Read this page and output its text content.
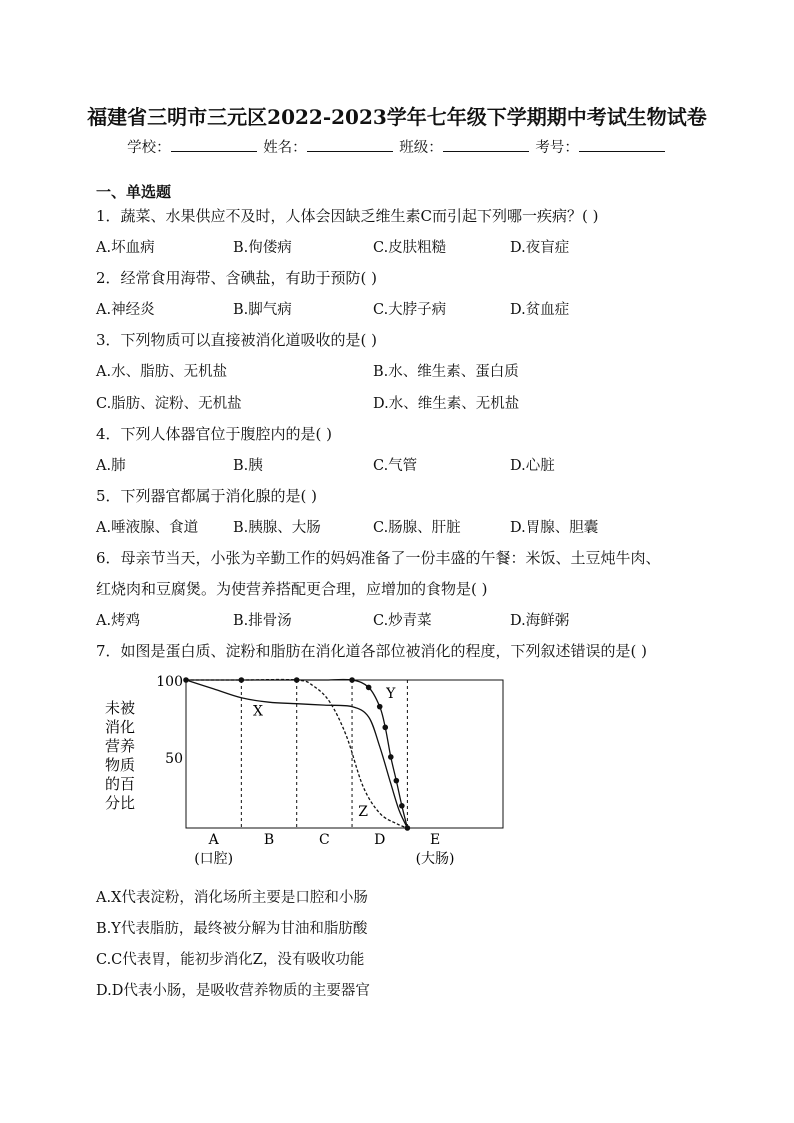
福建省三明市三元区2022-2023学年七年级下学期期中考试生物试卷
学校：	姓名：	班级：	考号：
一、单选题
1．蔬菜、水果供应不及时，人体会因缺乏维生素C而引起下列哪一疾病？( )
A.坏血病	B.佝偻病	C.皮肤粗糙	D.夜盲症
2．经常食用海带、含碘盐，有助于预防( )
A.神经炎	B.脚气病	C.大脖子病	D.贫血症
3．下列物质可以直接被消化道吸收的是( )
A.水、脂肪、无机盐	B.水、维生素、蛋白质
C.脂肪、淀粉、无机盐	D.水、维生素、无机盐
4．下列人体器官位于腹腔内的是( )
A.肺	B.胰	C.气管	D.心脏
5．下列器官都属于消化腺的是( )
A.唾液腺、食道 B.胰腺、大肠	C.肠腺、肝脏	D.胃腺、胆囊
6．母亲节当天，小张为辛勤工作的妈妈准备了一份丰盛的午餐：米饭、土豆炖牛肉、
红烧肉和豆腐煲。为使营养搭配更合理，应增加的食物是( )
A.烤鸡	B.排骨汤	C.炒青菜	D.海鲜粥
7．如图是蛋白质、淀粉和脂肪在消化道各部位被消化的程度，下列叙述错误的是( )
未被
消化
营养
物质
的百
分比
100
50
X
Y
Z
A
(口腔)
B	C	D	E
(大肠)
A.X代表淀粉，消化场所主要是口腔和小肠
B.Y代表脂肪，最终被分解为甘油和脂肪酸
C.C代表胃，能初步消化Z，没有吸收功能
D.D代表小肠，是吸收营养物质的主要器官
